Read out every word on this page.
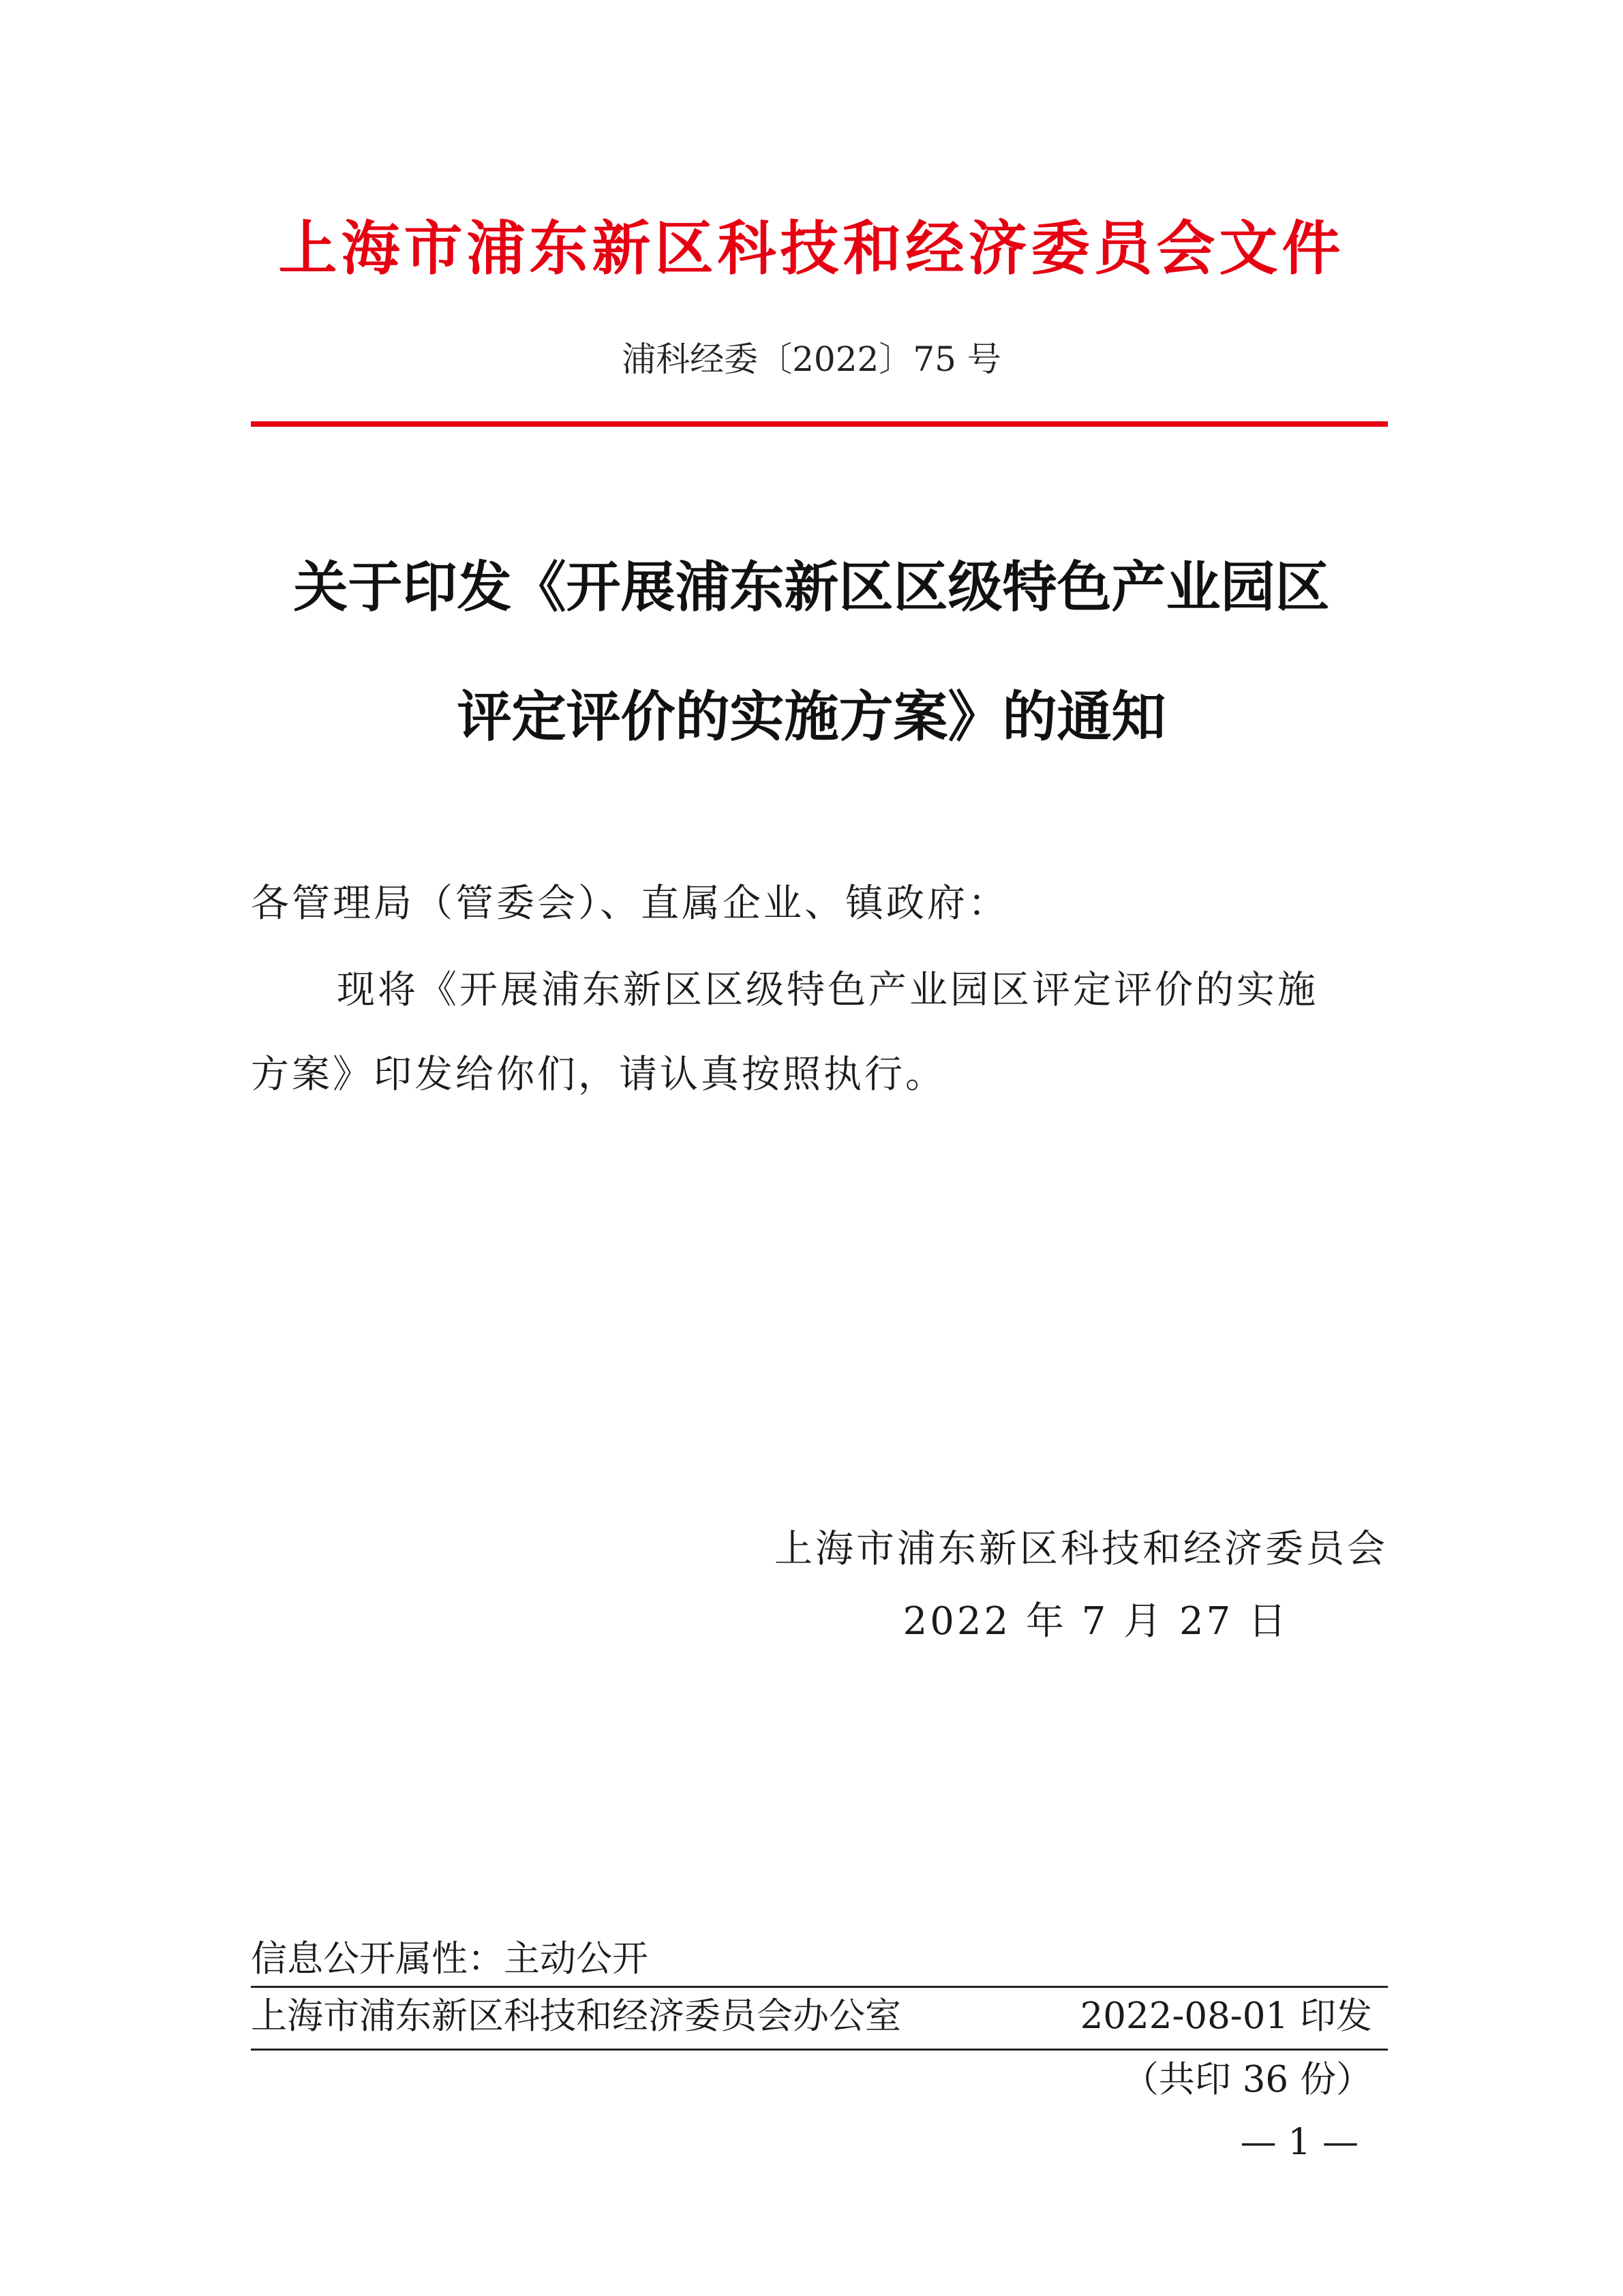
上海市浦东新区科技和经济委员会文件
浦科经委〔2022〕75 号
关于印发《开展浦东新区区级特色产业园区
评定评价的实施方案》的通知
各管理局（管委会）、直属企业、镇政府：
现将《开展浦东新区区级特色产业园区评定评价的实施
方案》印发给你们，请认真按照执行。
上海市浦东新区科技和经济委员会
2022 年 7 月 27 日
信息公开属性：主动公开
上海市浦东新区科技和经济委员会办公室	2022-08-01 印发
（共印 36 份）
— 1 —
